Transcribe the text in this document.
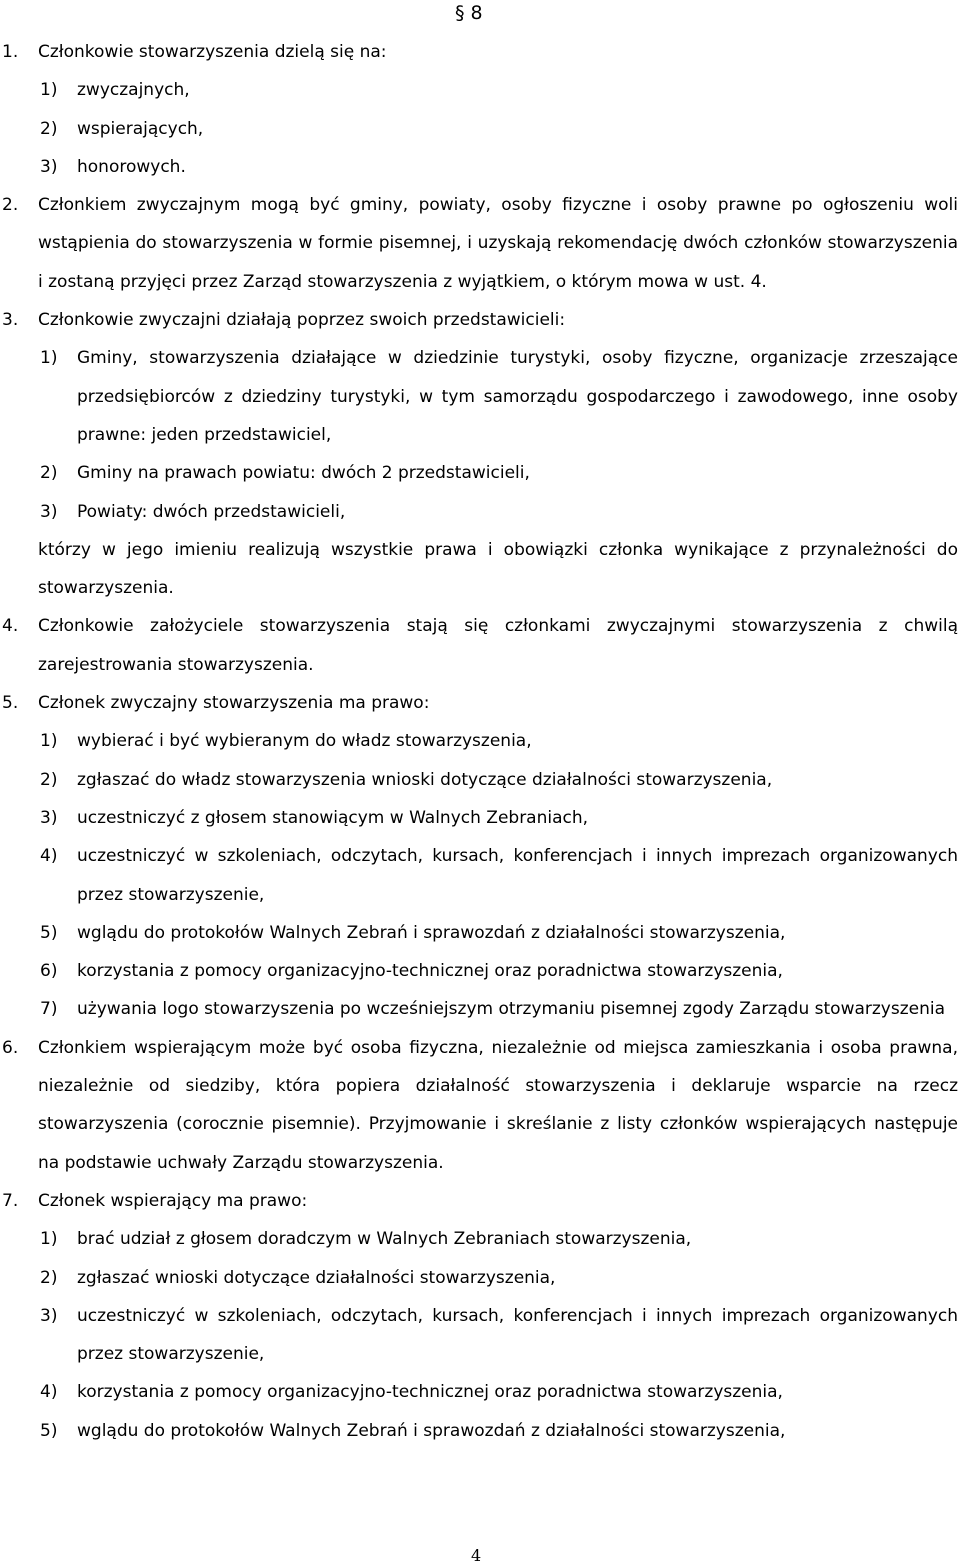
§ 8
1.	Członkowie stowarzyszenia dzielą się na:
1)	zwyczajnych,
2)	wspierających,
3)	honorowych.
2.	Członkiem zwyczajnym mogą być gminy, powiaty, osoby fizyczne i osoby prawne po ogłoszeniu woli wstąpienia do stowarzyszenia w formie pisemnej, i uzyskają rekomendację dwóch członków stowarzyszenia i zostaną przyjęci przez Zarząd stowarzyszenia z wyjątkiem, o którym mowa w ust. 4.
3.	Członkowie zwyczajni działają poprzez swoich przedstawicieli:
1)	Gminy, stowarzyszenia działające w dziedzinie turystyki, osoby fizyczne, organizacje zrzeszające przedsiębiorców z dziedziny turystyki, w tym samorządu gospodarczego i zawodowego, inne osoby prawne: jeden przedstawiciel,
2)	Gminy na prawach powiatu: dwóch 2 przedstawicieli,
3)	Powiaty: dwóch przedstawicieli,
którzy w jego imieniu realizują wszystkie prawa i obowiązki członka wynikające z przynależności do stowarzyszenia.
4.	Członkowie założyciele stowarzyszenia stają się członkami zwyczajnymi stowarzyszenia z chwilą zarejestrowania stowarzyszenia.
5.	Członek zwyczajny stowarzyszenia ma prawo:
1)	wybierać i być wybieranym do władz stowarzyszenia,
2)	zgłaszać do władz stowarzyszenia wnioski dotyczące działalności stowarzyszenia,
3)	uczestniczyć z głosem stanowiącym w Walnych Zebraniach,
4)	uczestniczyć w szkoleniach, odczytach, kursach, konferencjach i innych imprezach organizowanych przez stowarzyszenie,
5)	wglądu do protokołów Walnych Zebrań i sprawozdań z działalności stowarzyszenia,
6)	korzystania z pomocy organizacyjno-technicznej oraz poradnictwa stowarzyszenia,
7)	używania logo stowarzyszenia po wcześniejszym otrzymaniu pisemnej zgody Zarządu stowarzyszenia
6.	Członkiem wspierającym może być osoba fizyczna, niezależnie od miejsca zamieszkania i osoba prawna, niezależnie od siedziby, która popiera działalność stowarzyszenia i deklaruje wsparcie na rzecz stowarzyszenia (corocznie pisemnie). Przyjmowanie i skreślanie z listy członków wspierających następuje na podstawie uchwały Zarządu stowarzyszenia.
7.	Członek wspierający ma prawo:
1)	brać udział z głosem doradczym w Walnych Zebraniach stowarzyszenia,
2)	zgłaszać wnioski dotyczące działalności stowarzyszenia,
3)	uczestniczyć w szkoleniach, odczytach, kursach, konferencjach i innych imprezach organizowanych przez stowarzyszenie,
4)	korzystania z pomocy organizacyjno-technicznej oraz poradnictwa stowarzyszenia,
5)	wglądu do protokołów Walnych Zebrań i sprawozdań z działalności stowarzyszenia,
4
